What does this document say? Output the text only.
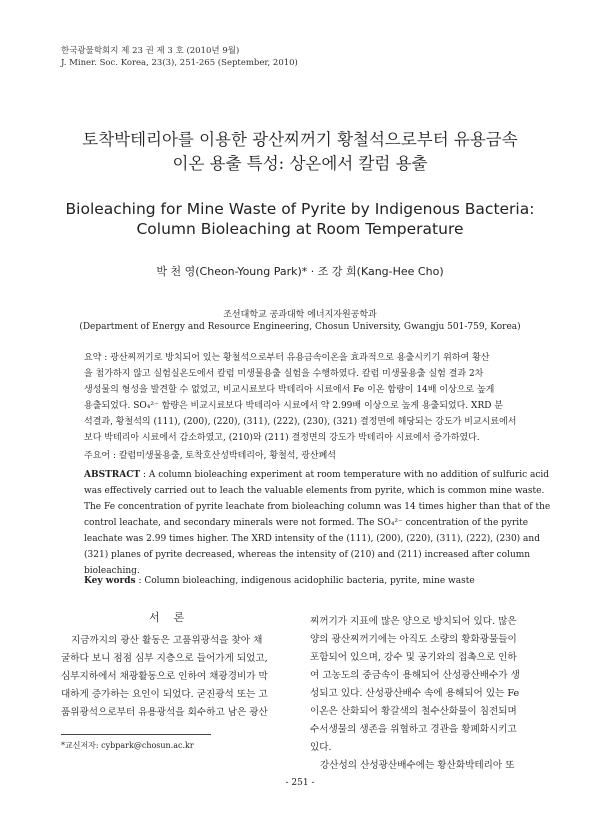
한국광물학회지 제 23 권 제 3 호 (2010년 9월)
J. Miner. Soc. Korea, 23(3), 251-265 (September, 2010)
토착박테리아를 이용한 광산찌꺼기 황철석으로부터 유용금속
이온 용출 특성: 상온에서 칼럼 용출
Bioleaching for Mine Waste of Pyrite by Indigenous Bacteria:
Column Bioleaching at Room Temperature
박 천 영(Cheon-Young Park)* · 조 강 희(Kang-Hee Cho)
조선대학교 공과대학 에너지자원공학과
(Department of Energy and Resource Engineering, Chosun University, Gwangju 501-759, Korea)
요약 : 광산찌꺼기로 방치되어 있는 황철석으로부터 유용금속이온을 효과적으로 용출시키기 위하여 황산
을 첨가하지 않고 실험실온도에서 칼럼 미생물용출 실험을 수행하였다. 칼럼 미생물용출 실험 결과 2차
생성물의 형성을 발견할 수 없었고, 비교시료보다 박테리아 시료에서 Fe 이온 함량이 14배 이상으로 높게
용출되었다. SO₄²⁻ 함량은 비교시료보다 박테리아 시료에서 약 2.99배 이상으로 높게 용출되었다. XRD 분
석결과, 황철석의 (111), (200), (220), (311), (222), (230), (321) 결정면에 해당되는 강도가 비교시료에서
보다 박테리아 시료에서 감소하였고, (210)와 (211) 결정면의 강도가 박테리아 시료에서 증가하였다.
주요어 : 칼럼미생물용출, 토착호산성박테리아, 황철석, 광산폐석
ABSTRACT : A column bioleaching experiment at room temperature with no addition of sulfuric acid
was effectively carried out to leach the valuable elements from pyrite, which is common mine waste.
The Fe concentration of pyrite leachate from bioleaching column was 14 times higher than that of the
control leachate, and secondary minerals were not formed. The SO₄²⁻ concentration of the pyrite
leachate was 2.99 times higher. The XRD intensity of the (111), (200), (220), (311), (222), (230) and
(321) planes of pyrite decreased, whereas the intensity of (210) and (211) increased after column
bioleaching.
Key words : Column bioleaching, indigenous acidophilic bacteria, pyrite, mine waste
서론
지금까지의 광산 활동은 고품위광석을 찾아 채
굴하다 보니 점점 심부 지층으로 들어가게 되었고,
심부지하에서 채광활동으로 인하여 채광경비가 막
대하게 증가하는 요인이 되었다. 굳진광석 또는 고
품위광석으로부터 유용광석을 회수하고 남은 광산
찌꺼기가 지표에 많은 양으로 방치되어 있다. 많은
양의 광산찌꺼기에는 아직도 소량의 황화광물들이
포함되어 있으며, 강수 및 공기와의 접촉으로 인하
여 고농도의 중금속이 용해되어 산성광산배수가 생
성되고 있다. 산성광산배수 속에 용해되어 있는 Fe
이온은 산화되어 황갈색의 철수산화물이 침전되며
수서생물의 생존을 위협하고 경관을 황폐화시키고
있다.
강산성의 산성광산배수에는 황산화박테리아 또
*교신저자: cybpark@chosun.ac.kr
- 251 -
